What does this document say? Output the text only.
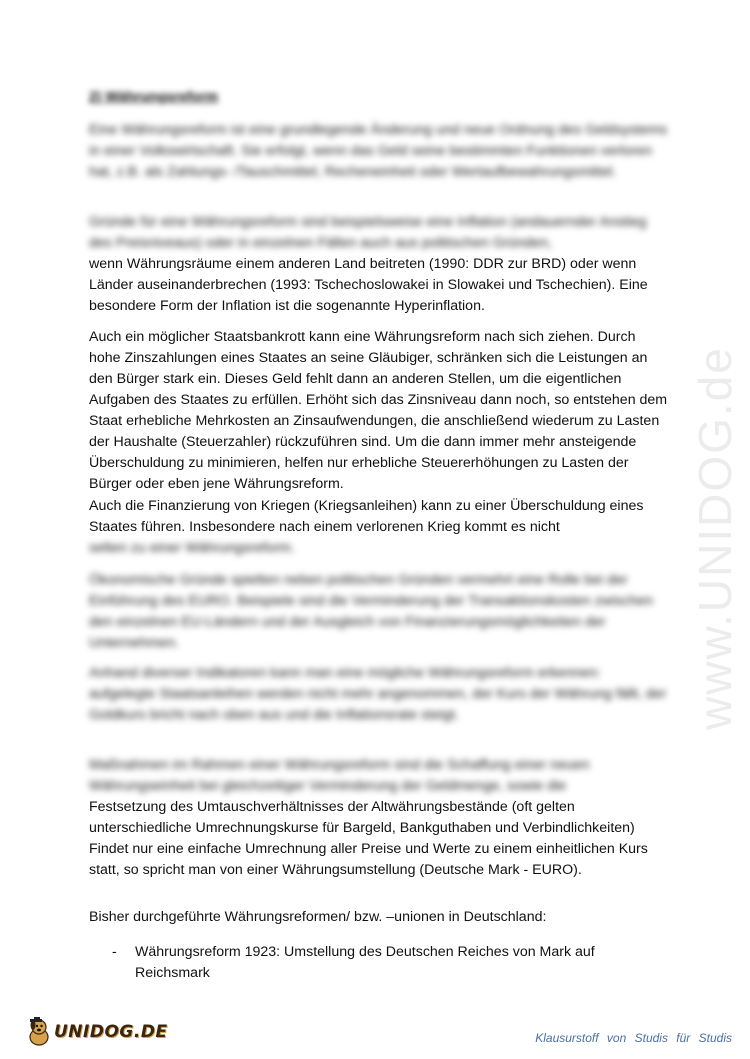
2) Währungsreform
Eine Währungsreform ist eine grundlegende Änderung und neue Ordnung des Geldsystems in einer Volkswirtschaft. Sie erfolgt, wenn das Geld seine bestimmten Funktionen verloren hat, z.B. als Zahlungs- /Tauschmittel, Recheneinheit oder Wertaufbewahrungsmittel.
Gründe für eine Währungsreform sind beispielsweise eine Inflation (andauernder Anstieg des Preisniveaus) oder in einzelnen Fällen auch aus politischen Gründen,
wenn Währungsräume einem anderen Land beitreten (1990: DDR zur BRD) oder wenn Länder auseinanderbrechen (1993: Tschechoslowakei in Slowakei und Tschechien). Eine besondere Form der Inflation ist die sogenannte Hyperinflation.
Auch ein möglicher Staatsbankrott kann eine Währungsreform nach sich ziehen. Durch hohe Zinszahlungen eines Staates an seine Gläubiger, schränken sich die Leistungen an den Bürger stark ein. Dieses Geld fehlt dann an anderen Stellen, um die eigentlichen Aufgaben des Staates zu erfüllen. Erhöht sich das Zinsniveau dann noch, so entstehen dem Staat erhebliche Mehrkosten an Zinsaufwendungen, die anschließend wiederum zu Lasten der Haushalte (Steuerzahler) rückzuführen sind. Um die dann immer mehr ansteigende Überschuldung zu minimieren, helfen nur erhebliche Steuererhöhungen zu Lasten der Bürger oder eben jene Währungsreform.
Auch die Finanzierung von Kriegen (Kriegsanleihen) kann zu einer Überschuldung eines Staates führen. Insbesondere nach einem verlorenen Krieg kommt es nicht
selten zu einer Währungsreform.
Ökonomische Gründe spielten neben politischen Gründen vermehrt eine Rolle bei der Einführung des EURO. Beispiele sind die Verminderung der Transaktionskosten zwischen den einzelnen EU-Ländern und der Ausgleich von Finanzierungsmöglichkeiten der Unternehmen.
Anhand diverser Indikatoren kann man eine mögliche Währungsreform erkennen: aufgelegte Staatsanleihen werden nicht mehr angenommen, der Kurs der Währung fällt, der Goldkurs bricht nach oben aus und die Inflationsrate steigt.
Maßnahmen im Rahmen einer Währungsreform sind die Schaffung einer neuen Währungseinheit bei gleichzeitiger Verminderung der Geldmenge, sowie die
Festsetzung des Umtauschverhältnisses der Altwährungsbestände (oft gelten unterschiedliche Umrechnungskurse für Bargeld, Bankguthaben und Verbindlichkeiten) Findet nur eine einfache Umrechnung aller Preise und Werte zu einem einheitlichen Kurs statt, so spricht man von einer Währungsumstellung (Deutsche Mark - EURO).
Bisher durchgeführte Währungsreformen/ bzw. –unionen in Deutschland:
- Währungsreform 1923: Umstellung des Deutschen Reiches von Mark auf Reichsmark
www.UNIDOG.de
UNIDOG.DE	Klausurstoff von Studis für Studis
